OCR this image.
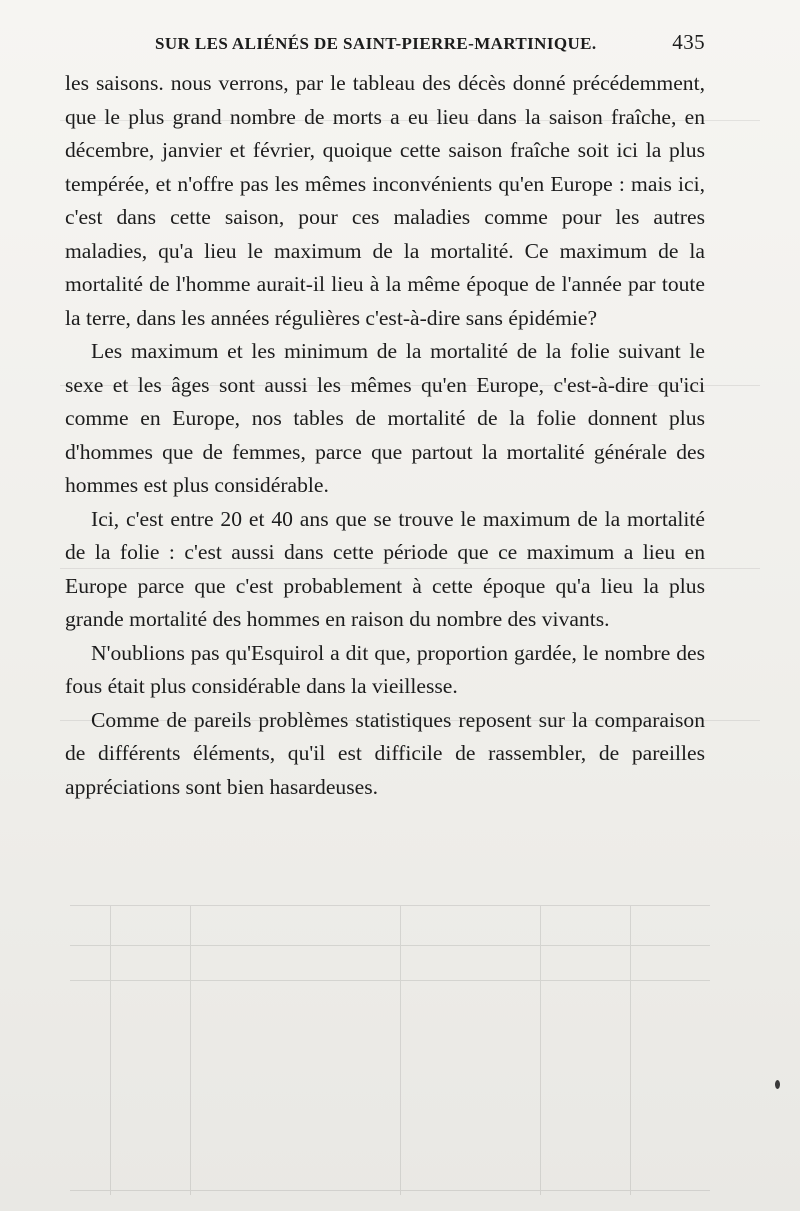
SUR LES ALIÉNÉS DE SAINT-PIERRE-MARTINIQUE.	435

les saisons. nous verrons, par le tableau des décès donné précédemment, que le plus grand nombre de morts a eu lieu dans la saison fraîche, en décembre, janvier et février, quoique cette saison fraîche soit ici la plus tempérée, et n'offre pas les mêmes inconvénients qu'en Europe : mais ici, c'est dans cette saison, pour ces maladies comme pour les autres maladies, qu'a lieu le maximum de la mortalité. Ce maximum de la mortalité de l'homme aurait-il lieu à la même époque de l'année par toute la terre, dans les années régulières c'est-à-dire sans épidémie?

Les maximum et les minimum de la mortalité de la folie suivant le sexe et les âges sont aussi les mêmes qu'en Europe, c'est-à-dire qu'ici comme en Europe, nos tables de mortalité de la folie donnent plus d'hommes que de femmes, parce que partout la mortalité générale des hommes est plus considérable.

Ici, c'est entre 20 et 40 ans que se trouve le maximum de la mortalité de la folie : c'est aussi dans cette période que ce maximum a lieu en Europe parce que c'est probablement à cette époque qu'a lieu la plus grande mortalité des hommes en raison du nombre des vivants.

N'oublions pas qu'Esquirol a dit que, proportion gardée, le nombre des fous était plus considérable dans la vieillesse.

Comme de pareils problèmes statistiques reposent sur la comparaison de différents éléments, qu'il est difficile de rassembler, de pareilles appréciations sont bien hasardeuses.
